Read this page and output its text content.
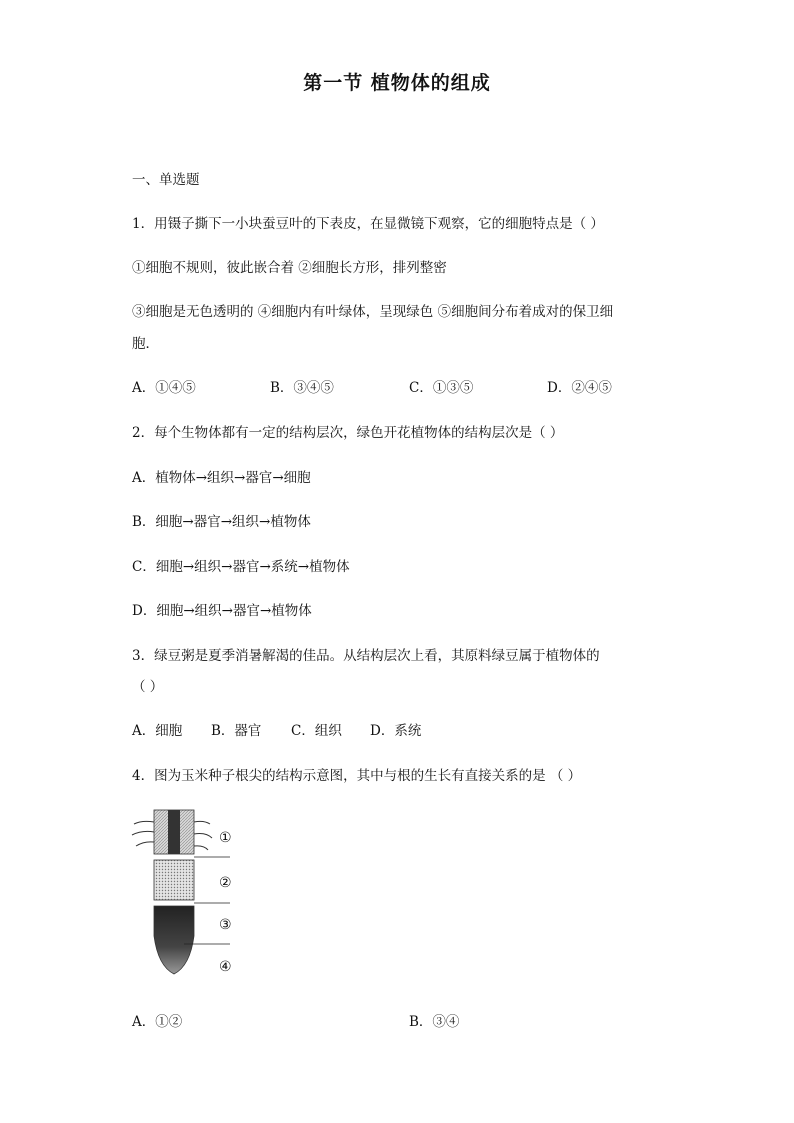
第一节 植物体的组成
一、单选题
1．用镊子撕下一小块蚕豆叶的下表皮，在显微镜下观察，它的细胞特点是（ ）
①细胞不规则，彼此嵌合着 ②细胞长方形，排列整密
③细胞是无色透明的 ④细胞内有叶绿体，呈现绿色 ⑤细胞间分布着成对的保卫细
胞．
A．①④⑤	B．③④⑤	C．①③⑤	D．②④⑤
2．每个生物体都有一定的结构层次，绿色开花植物体的结构层次是（ ）
A．植物体→组织→器官→细胞
B．细胞→器官→组织→植物体
C．细胞→组织→器官→系统→植物体
D．细胞→组织→器官→植物体
3．绿豆粥是夏季消暑解渴的佳品。从结构层次上看，其原料绿豆属于植物体的
（ ）
A．细胞 B．器官 C．组织 D．系统
4．图为玉米种子根尖的结构示意图，其中与根的生长有直接关系的是 （ ）
①
②
③
④
A．①②	B．③④
